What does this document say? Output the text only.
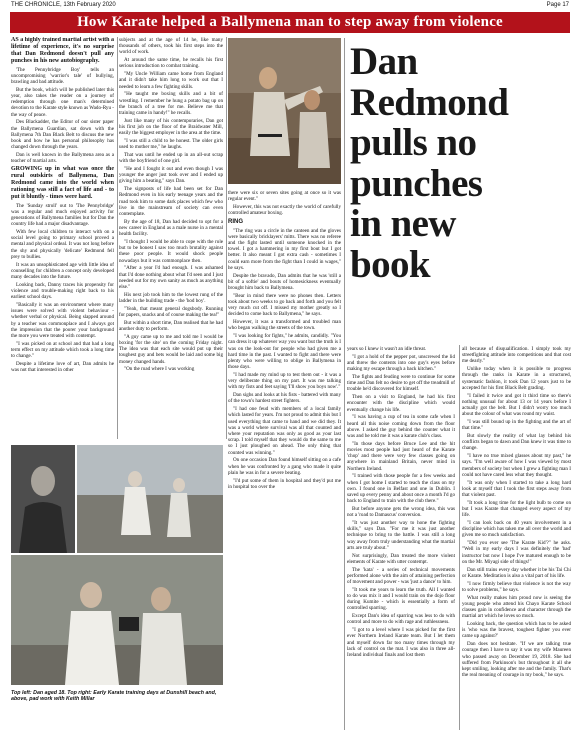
THE CHRONICLE, 13th February 2020	Page 17
How Karate helped a Ballymena man to step away from violence

AS a highly trained martial artist with a lifetime of experience, it's no surprise that Dan Redmond doesn't pull any punches in his new autobiography.

'The Pennybridge Boy' tells an uncompromising 'warrior's tale' of bullying, brawling and bad attitude.

But the book, which will be published later this year, also takes the reader on a journey of redemption through one man's determined devotion to the Karate style known as Wado-Ryu - the way of peace.

Des Blackadder, the Editor of our sister paper the Ballymena Guardian, sat down with the Ballymena 7th Dan Black Belt to discuss the new book and how he has personal philosophy has changed down through the years.

Dan is well known in the Ballymena area as a teacher of martial arts.

GROWING up in what was once the rural outskirts of Ballymena, Dan Redmond came into the world when rationing was still a fact of life and - to put it bluntly - times were hard.

The 'Sunday stroll' out to 'The Pennybridge' was a regular and much enjoyed activity for generations of Ballymena families but for Dan the country life had a major disadvantage.

With few local children to interact with on a social level going to primary school proved a mental and physical ordeal. It was not long before the shy and physically 'delicate' Redmond fell prey to bullies.

It was an unsophisticated age with little idea of counselling for children a concept only developed many decades into the future.

Looking back, Danny traces his propensity for violence and trouble-making right back to his earliest school days.

"Basically it was an environment where many issues were solved with violent behaviour - whether verbal or physical. Being slapped around by a teacher was commonplace and I always got the impression that the poorer your background the more you were treated with contempt.

"I was picked on at school and that had a long term effect on my attitude which took a long time to change."

Despite a lifetime love of art, Dan admits he was not that interested in other

subjects and at the age of 14 he, like many thousands of others, took his first steps into the world of work.

At around the same time, he recalls his first serious introduction to combat training.

"My Uncle William came home from England and it didn't take him long to work out that I needed to learn a few fighting skills.

"He taught me boxing skills and a bit of wrestling. I remember he hung a potato bag up on the branch of a tree for me. Believe me that training came in handy!" he recalls.

Just like many of his contemporaries, Dan got his first job on the floor of the Braidwater Mill, easily the biggest employer in the area at the time.

"I was still a child to be honest. The older girls used to mother me," he laughs.

That was until he ended up in an all-out scrap with the boyfriend of one girl.

"He and I fought it out and even though I was younger the anger just took over and I ended up giving him a beating," says Dan.

The signposts of life had been set for Dan Redmond even in his early teenage years and the road took him to some dark places which few who live in the mainstream of society can even contemplate.

By the age of 18, Dan had decided to opt for a new career in England as a male nurse in a mental health facility.

"I thought I would be able to cope with the role but to be honest I saw too much brutality against these poor people. It would shock people nowadays but it was commonplace then.

"After a year I'd had enough. I was ashamed that I'd done nothing about what I'd seen and I just needed out for my own sanity as much as anything else."

His next job took him to the lowest rung of the ladder in the building trade - the 'hod boy'.

"Yeah, that meant general dogsbody. Running for papers, snacks and of course making the tea!"

But within a short time, Dan realised that he had another duty to perform.

"A guy came up to me and told me I would be boxing 'for the site' on the coming Friday night. The idea was that each site would put up their toughest guy and bets would be laid and some big money changed hands.

"On the road where I was working

Dan
Redmond
pulls no
punches
in new
book

there were six or seven sites going at once so it was regular event."

However, this was not exactly the world of carefully controlled amateur boxing.

RING

"The ring was a circle in the canteen and the gloves were basically bricklayers' mitts. There was no referee and the fight lasted until someone knocked in the towel. I got a hammering in my first bout but I got better. It also meant I got extra cash - sometimes I could earn more from the fight than I could in wages," he says.

Despite the bravado, Dan admits that he was 'still a bit of a softie' and bouts of homesickness eventually brought him back to Ballymena.

"Bear in mind there were no phones then. Letters took about two weeks to go back and forth and you felt very much cut off. I missed my mother greatly so I decided to come back to Ballymena," he says.

However, it was a transformed and troubled man who began walking the streets of the town.

"I was looking for fights," he admits, candidly. "You can dress it up whatever way you want but the truth is I was on the look-out for people who had given me a hard time in the past. I wanted to fight and there were plenty who were willing to oblige in Ballymena in those days.

"I had made my mind up to test them out - it was a very deliberate thing on my part. It was me talking with my fists and feet saying 'I'll show you boys now'."

Dan sighs and looks at his fists - battered with many of the town's hardest street fighters.

"I had one feud with members of a local family which lasted for years. I'm not proud to admit this but I used everything that came to hand and we did they. It was a world where survival was all that counted and where your reputation was only as good as your last scrap. I told myself that they would do the same to me so I just ploughed on ahead. The only thing that counted was winning."

On one occasion Dan found himself sitting on a cafe when he was confronted by a gang who made it quite plain he was in for a severe beating.

"I'd put some of them in hospital and they'd put me in hospital too over the

Top left: Dan aged 18. Top right: Early Karate training days at Dunshill beach and, above, pad work with Keith Millar

years so I knew it wasn't an idle threat.

"I got a hold of the pepper pot, unscrewed the lid and threw the contents into one guy's eyes before making my escape through a back kitchen."

The fights and feuding were to continue for some time and Dan felt no desire to get off the treadmill of trouble he'd discovered for himself.

Then on a visit to England, he had his first encounter with the discipline which would eventually change his life.

"I was having a cup of tea in some cafe when I heard all this noise coming down from the floor above. I asked the guy behind the counter what it was and he told me it was a karate club's class.

"In those days before Bruce Lee and the hit movies most people had just heard of the Karate 'chop' and there were very few classes going on anywhere in mainland Britain, never mind in Northern Ireland.

"I trained with those people for a few weeks and when I got home I started to teach the class on my own. I found one in Belfast and one in Dublin. I saved up every penny and about once a month I'd go back to England to train with the club there."

But before anyone gets the wrong idea, this was not a 'road to Damascus' conversion.

"It was just another way to hone the fighting skills," says Dan. "For me it was just another technique to bring to the battle. I was still a long way away from truly understanding what the martial arts are truly about."

Not surprisingly, Dan treated the more violent elements of Karate with utter contempt.

The 'kata' - a series of technical movements performed alone with the aim of attaining perfection of movement and power - was 'just a dance' to him.

"It took me years to learn the truth. All I wanted to do was mix it and I would train on the dojo floor during Kumite - which is essentially a form of controlled sparring.

Except Dan's idea of sparring was less to do with control and more to do with rage and ruthlessness.

"I got to a level where I was picked for the first ever Northern Ireland Karate team. But I let them and myself down far too many times through my lack of control on the mat. I was also in three all-Ireland individual finals and lost them

all because of disqualification. I simply took my streetfighting attitude into competitions and that cost me dearly."

Unlike today when it is possible to progress through the ranks in Karate in a structured, systematic fashion, it took Dan 12 years just to be accepted for his first Black Belt grading.

"I failed it twice and got it third time so there's nothing unusual for about 13 or 14 years before I actually got the belt. But I didn't worry too much about the colour of what was round my waist.

"I was still bound up in the fighting and the art of that time."

But slowly the reality of what lay behind his conflicts began to dawn and Dan knew it was time to change.

"I have no true mixed glasses about my past," he says. "I'm well aware of how I was viewed by most members of society but when I grew a fighting man I could not have cared less what they thought.

"It was only when I started to take a long hard look at myself that I took the first steps away from that violent past.

"It took a long time for the light bulb to come on but I was Karate that changed every aspect of my life.

"I can look back on 40 years involvement in a discipline which has taken me all over the world and given me so much satisfaction.

"Did you ever see 'The Karate Kid'?" he asks. "Well in my early days I was definitely the 'bad' instructor but now I hope I've matured enough to be on the Mr. Miyagi side of things!"

Dan still trains every day whether it be his Tai Chi or Karate. Meditation is also a vital part of his life.

"I now firmly believe that violence is not the way to solve problems," he says.

What really makes him proud now is seeing the young people who attend his Chayo Karate School classes gain in confidence and character through the martial art which he loves so much.

Looking back, the question which has to be asked is 'who was the bravest, toughest fighter you ever came up against?'

Dan does not hesitate. "If we are talking true courage then I have to say it was my wife Maureen who passed away on December 19, 2018. She had suffered from Parkinson's but throughout it all she kept smiling, looking after me and the family. That's the real meaning of courage in my book," he says.
